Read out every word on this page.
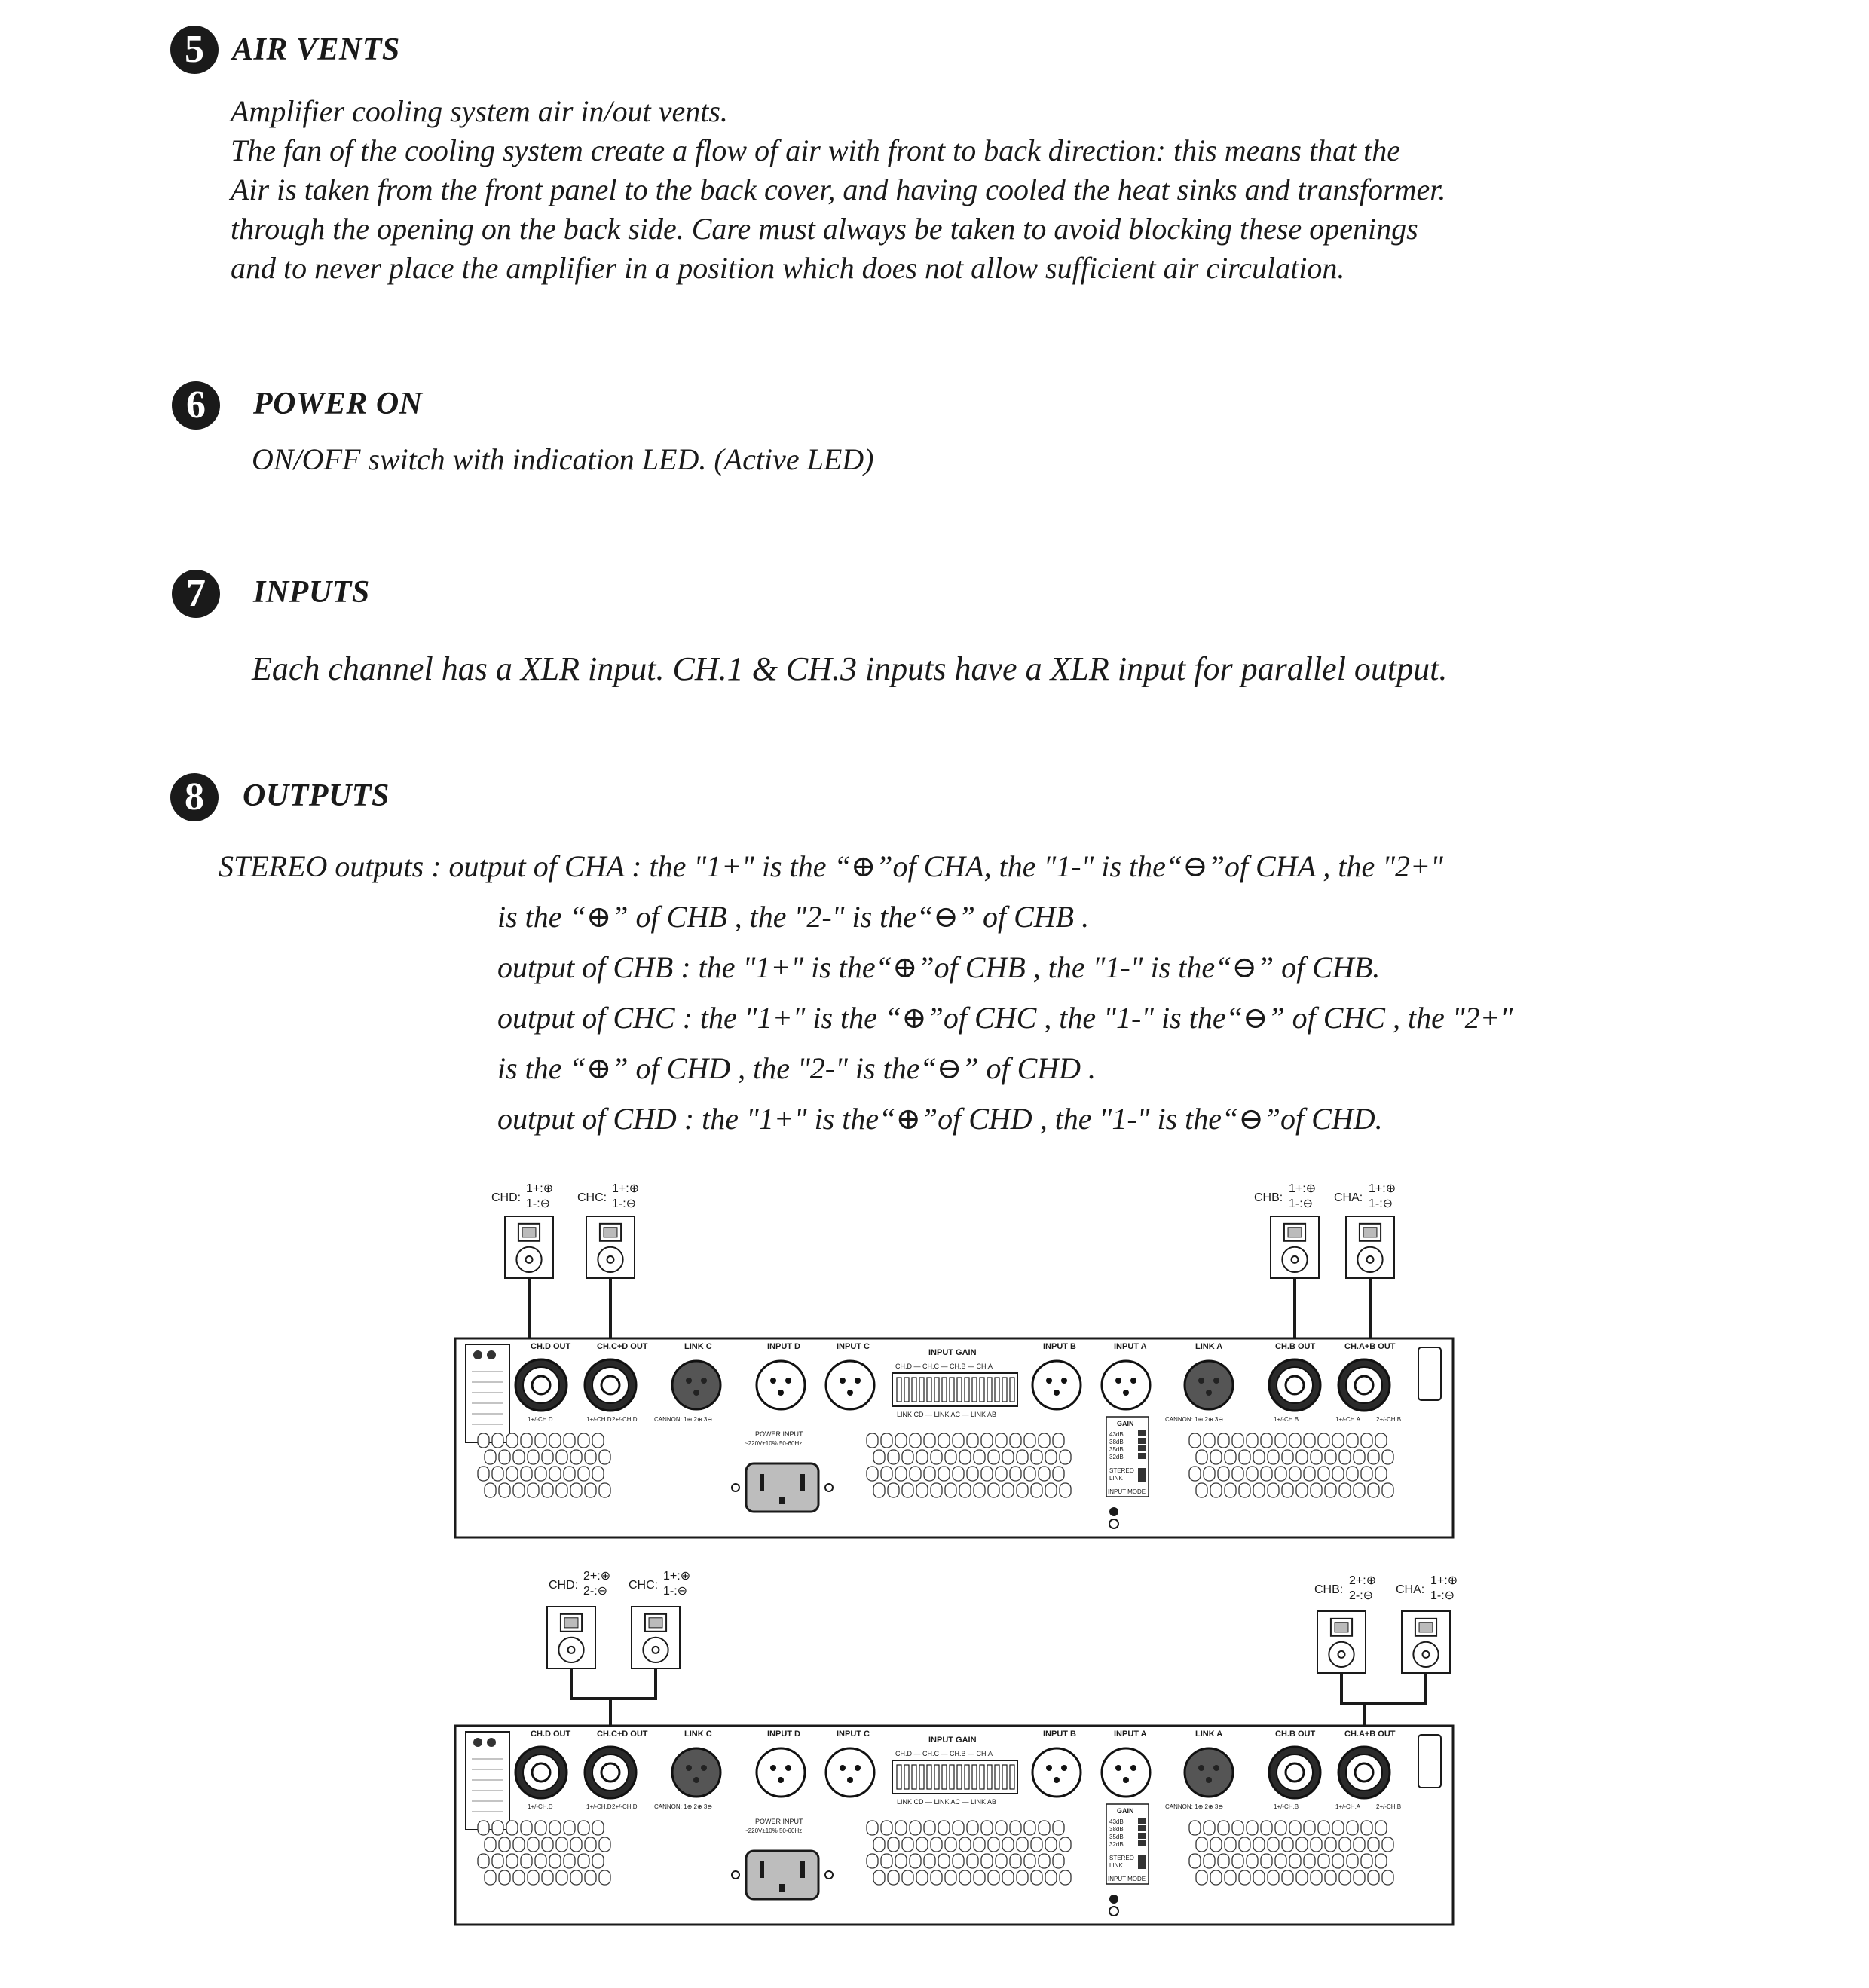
5 AIR VENTS
Amplifier cooling system air in/out vents.
The fan of the cooling system create a flow of air with front to back direction: this means that the
Air is taken from the front panel to the back cover, and having cooled the heat sinks and transformer.
through the opening on the back side. Care must always be taken to avoid blocking these openings
and to never place the amplifier in a position which does not allow sufficient air circulation.
6	POWER ON
ON/OFF switch with indication LED. (Active LED)
7	INPUTS
Each channel has a XLR input. CH.1 & CH.3 inputs have a XLR input for parallel output.
8	OUTPUTS
STEREO outputs : output of CHA : the "1+" is the “⊕”of CHA, the "1-" is the“⊖”of CHA , the "2+"
is the “⊕” of CHB , the "2-" is the“⊖” of CHB .
output of CHB : the "1+" is the“⊕”of CHB , the "1-" is the“⊖” of CHB.
output of CHC : the "1+" is the “⊕”of CHC , the "1-" is the“⊖” of CHC , the "2+"
is the “⊕” of CHD , the "2-" is the“⊖” of CHD .
output of CHD : the "1+" is the“⊕”of CHD , the "1-" is the“⊖”of CHD.
CHD:
1+:⊕
1-:⊖ CHC:
1+:⊕
1-:⊖	CHB:
1+:⊕
1-:⊖ CHA:
1+:⊕
1-:⊖
CH.D OUT	CH.C+D OUT	LINK C	INPUT D	INPUT C
INPUT GAIN
INPUT B	INPUT A	LINK A	CH.B OUT	CH.A+B OUT
CH.D — CH.C — CH.B — CH.A
LINK CD — LINK AC — LINK AB
1+/-CH.D
1+/-CH.D	2+/-CH.D	CANNON: 1⊕ 2⊕ 3⊖	CANNON: 1⊕ 2⊕ 3⊖	1+/-CH.B	1+/-CH.A	2+/-CH.B
POWER INPUT
~220V±10% 50-60Hz
GAIN
43dB
38dB
35dB
32dB
STEREO
LINK
INPUT MODE
CHD:
2+:⊕
2-:⊖ CHC:
1+:⊕
1-:⊖	CHB:
2+:⊕
2-:⊖ CHA:
1+:⊕
1-:⊖
CH.D OUT	CH.C+D OUT	LINK C	INPUT D	INPUT C
INPUT GAIN
INPUT B	INPUT A	LINK A	CH.B OUT	CH.A+B OUT
CH.D — CH.C — CH.B — CH.A
LINK CD — LINK AC — LINK AB
1+/-CH.D
1+/-CH.D	2+/-CH.D	CANNON: 1⊕ 2⊕ 3⊖	CANNON: 1⊕ 2⊕ 3⊖	1+/-CH.B	1+/-CH.A	2+/-CH.B
POWER INPUT
~220V±10% 50-60Hz
GAIN
43dB
38dB
35dB
32dB
STEREO
LINK
INPUT MODE
